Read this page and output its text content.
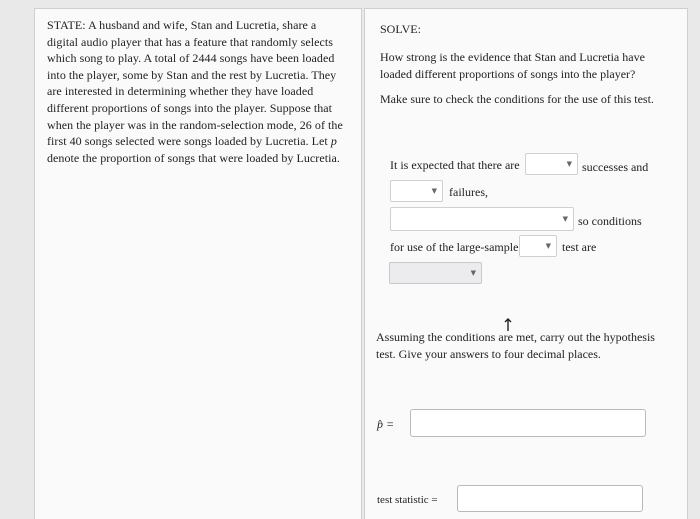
STATE: A husband and wife, Stan and Lucretia, share a digital audio player that has a feature that randomly selects which song to play. A total of 2444 songs have been loaded into the player, some by Stan and the rest by Lucretia. They are interested in determining whether they have loaded different proportions of songs into the player. Suppose that when the player was in the random-selection mode, 26 of the first 40 songs selected were songs loaded by Lucretia. Let p denote the proportion of songs that were loaded by Lucretia.
SOLVE:
How strong is the evidence that Stan and Lucretia have loaded different proportions of songs into the player?
Make sure to check the conditions for the use of this test.
It is expected that there are	▼ successes and
▼ failures,
▼ so conditions
for use of the large-sample	▼ test are
▼
Assuming the conditions are met, carry out the hypothesis test. Give your answers to four decimal places.
p̂ =
test statistic =
